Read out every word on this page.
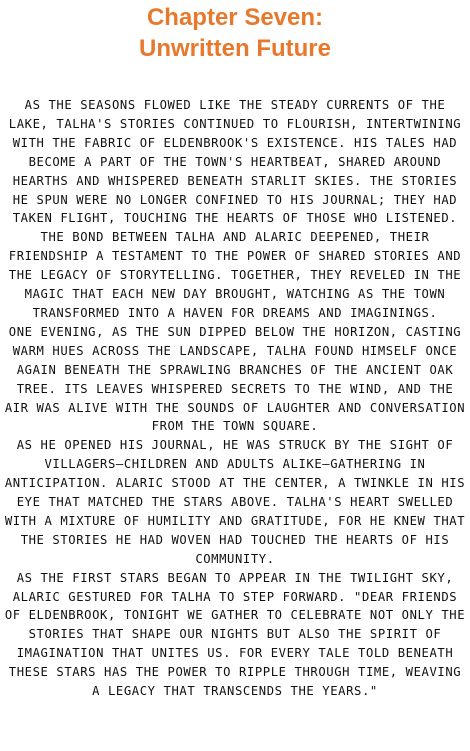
Chapter Seven:
Unwritten Future

AS THE SEASONS FLOWED LIKE THE STEADY CURRENTS OF THE LAKE, TALHA'S STORIES CONTINUED TO FLOURISH, INTERTWINING WITH THE FABRIC OF ELDENBROOK'S EXISTENCE. HIS TALES HAD BECOME A PART OF THE TOWN'S HEARTBEAT, SHARED AROUND HEARTHS AND WHISPERED BENEATH STARLIT SKIES. THE STORIES HE SPUN WERE NO LONGER CONFINED TO HIS JOURNAL; THEY HAD TAKEN FLIGHT, TOUCHING THE HEARTS OF THOSE WHO LISTENED.

THE BOND BETWEEN TALHA AND ALARIC DEEPENED, THEIR FRIENDSHIP A TESTAMENT TO THE POWER OF SHARED STORIES AND THE LEGACY OF STORYTELLING. TOGETHER, THEY REVELED IN THE MAGIC THAT EACH NEW DAY BROUGHT, WATCHING AS THE TOWN TRANSFORMED INTO A HAVEN FOR DREAMS AND IMAGININGS.

ONE EVENING, AS THE SUN DIPPED BELOW THE HORIZON, CASTING WARM HUES ACROSS THE LANDSCAPE, TALHA FOUND HIMSELF ONCE AGAIN BENEATH THE SPRAWLING BRANCHES OF THE ANCIENT OAK TREE. ITS LEAVES WHISPERED SECRETS TO THE WIND, AND THE AIR WAS ALIVE WITH THE SOUNDS OF LAUGHTER AND CONVERSATION FROM THE TOWN SQUARE.

AS HE OPENED HIS JOURNAL, HE WAS STRUCK BY THE SIGHT OF VILLAGERS—CHILDREN AND ADULTS ALIKE—GATHERING IN ANTICIPATION. ALARIC STOOD AT THE CENTER, A TWINKLE IN HIS EYE THAT MATCHED THE STARS ABOVE. TALHA'S HEART SWELLED WITH A MIXTURE OF HUMILITY AND GRATITUDE, FOR HE KNEW THAT THE STORIES HE HAD WOVEN HAD TOUCHED THE HEARTS OF HIS COMMUNITY.

AS THE FIRST STARS BEGAN TO APPEAR IN THE TWILIGHT SKY, ALARIC GESTURED FOR TALHA TO STEP FORWARD. "DEAR FRIENDS OF ELDENBROOK, TONIGHT WE GATHER TO CELEBRATE NOT ONLY THE STORIES THAT SHAPE OUR NIGHTS BUT ALSO THE SPIRIT OF IMAGINATION THAT UNITES US. FOR EVERY TALE TOLD BENEATH THESE STARS HAS THE POWER TO RIPPLE THROUGH TIME, WEAVING A LEGACY THAT TRANSCENDS THE YEARS."
